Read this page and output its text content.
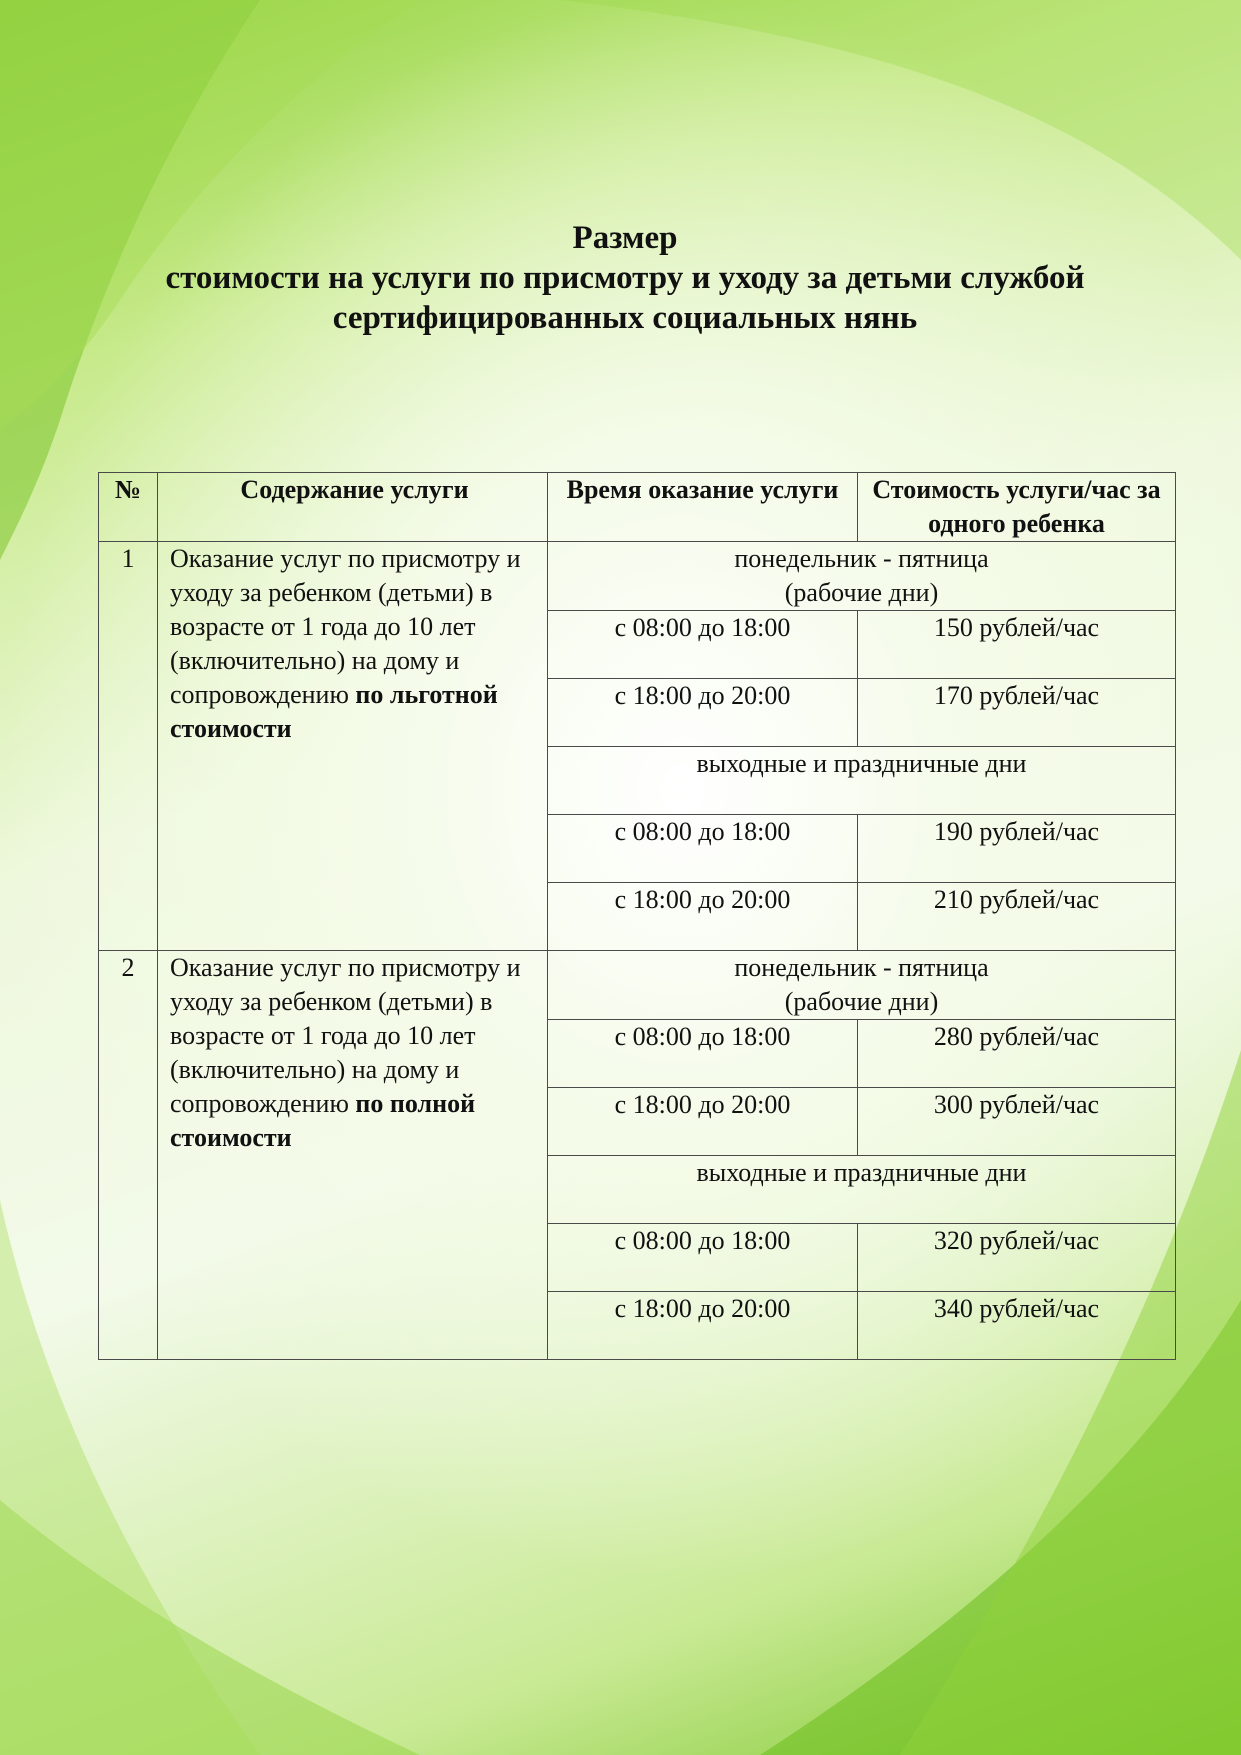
Размер
стоимости на услуги по присмотру и уходу за детьми службой
сертифицированных социальных нянь
№	Содержание услуги	Время оказание услуги	Стоимость услуги/час за одного ребенка
1	Оказание услуг по присмотру и уходу за ребенком (детьми) в возрасте от 1 года до 10 лет (включительно) на дому и сопровождению по льготной стоимости	понедельник - пятница
(рабочие дни)	

		с 08:00 до 18:00	150 рублей/час
		с 18:00 до 20:00	170 рублей/час
		выходные и праздничные дни	
		с 08:00 до 18:00	190 рублей/час
		с 18:00 до 20:00	210 рублей/час
2	Оказание услуг по присмотру и уходу за ребенком (детьми) в возрасте от 1 года до 10 лет (включительно) на дому и сопровождению по полной стоимости	понедельник - пятница
(рабочие дни)	

		с 08:00 до 18:00	280 рублей/час
		с 18:00 до 20:00	300 рублей/час
		выходные и праздничные дни	
		с 08:00 до 18:00	320 рублей/час
		с 18:00 до 20:00	340 рублей/час
